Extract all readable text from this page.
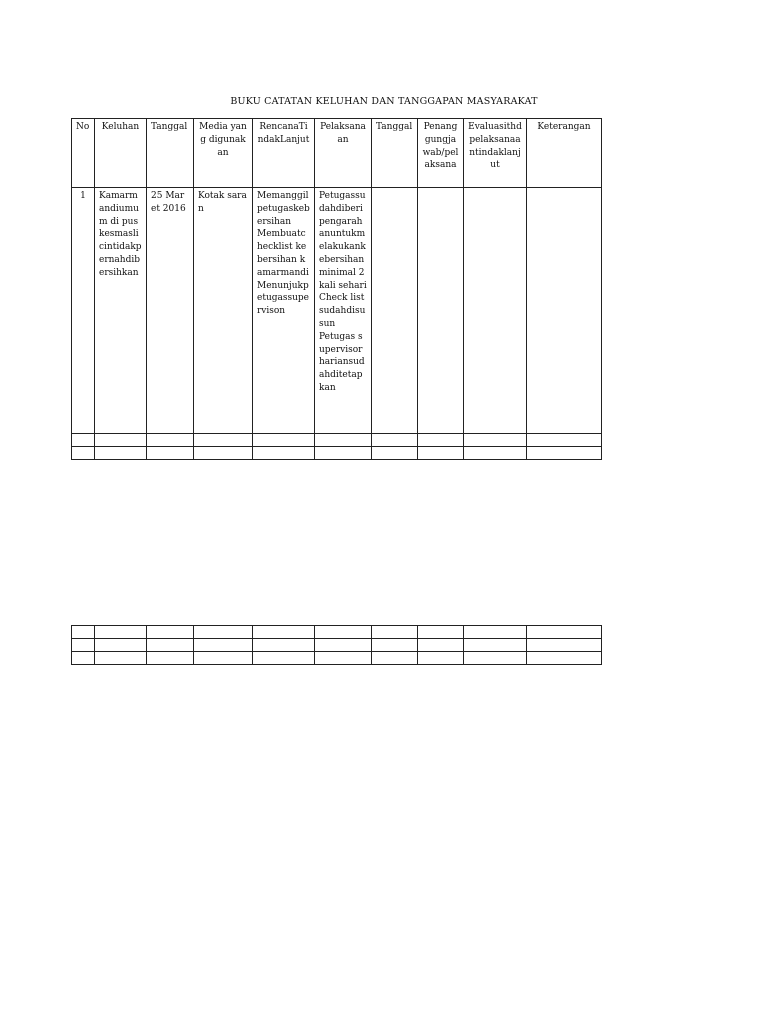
BUKU CATATAN KELUHAN DAN TANGGAPAN MASYARAKAT
No	Keluhan	Tanggal	Media yang digunakan	RencanaTindakLanjut	Pelaksanaan	Tanggal	Penanggungjawab/pelaksana	Evaluasithdpelaksanaantindaklanjut	Keterangan
1	Kamarmandiumum di puskesmaslicintidakpernahdibersihkan	25 Maret 2016	Kotak saran	Memanggilpetugaskebersihan
Membuatchecklist kebersihan kamarmandi
Menunjukpetugassupervison	Petugassudahdiberipengarahanuntukmelakukankebersihan minimal 2 kali sehari
Check list sudahdisusun
Petugas supervisor hariansudahditetapkan				
